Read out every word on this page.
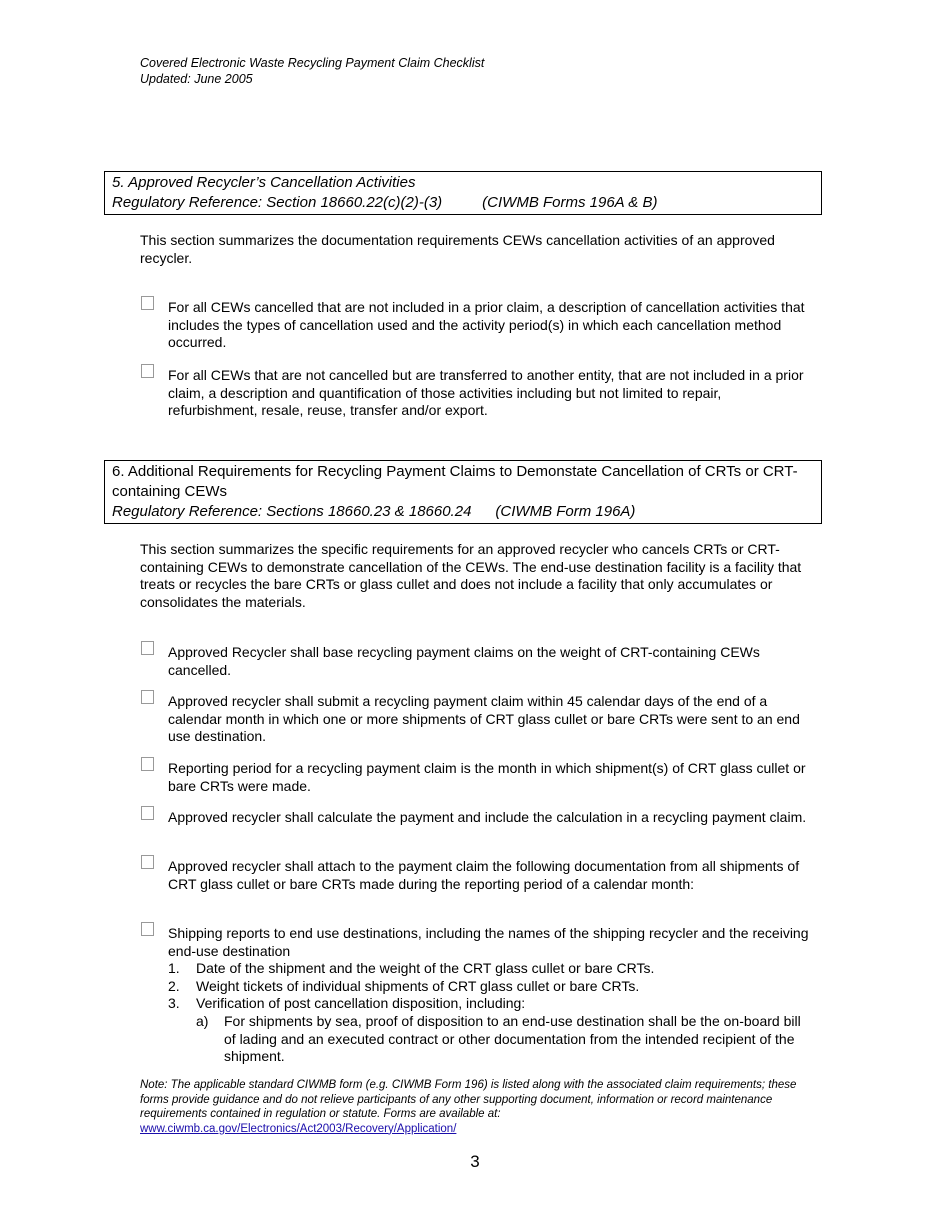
Covered Electronic Waste Recycling Payment Claim Checklist
Updated: June 2005
5. Approved Recycler’s Cancellation Activities
Regulatory Reference: Section 18660.22(c)(2)-(3)	(CIWMB Forms 196A & B)
This section summarizes the documentation requirements CEWs cancellation activities of an approved recycler.
For all CEWs cancelled that are not included in a prior claim, a description of cancellation activities that includes the types of cancellation used and the activity period(s) in which each cancellation method occurred.
For all CEWs that are not cancelled but are transferred to another entity, that are not included in a prior claim, a description and quantification of those activities including but not limited to repair, refurbishment, resale, reuse, transfer and/or export.
6. Additional Requirements for Recycling Payment Claims to Demonstate Cancellation of CRTs or CRT-containing CEWs
Regulatory Reference: Sections 18660.23 & 18660.24 (CIWMB Form 196A)
This section summarizes the specific requirements for an approved recycler who cancels CRTs or CRT-containing CEWs to demonstrate cancellation of the CEWs. The end-use destination facility is a facility that treats or recycles the bare CRTs or glass cullet and does not include a facility that only accumulates or consolidates the materials.
Approved Recycler shall base recycling payment claims on the weight of CRT-containing CEWs cancelled.
Approved recycler shall submit a recycling payment claim within 45 calendar days of the end of a calendar month in which one or more shipments of CRT glass cullet or bare CRTs were sent to an end use destination.
Reporting period for a recycling payment claim is the month in which shipment(s) of CRT glass cullet or bare CRTs were made.
Approved recycler shall calculate the payment and include the calculation in a recycling payment claim.
Approved recycler shall attach to the payment claim the following documentation from all shipments of CRT glass cullet or bare CRTs made during the reporting period of a calendar month:
Shipping reports to end use destinations, including the names of the shipping recycler and the receiving end-use destination
1. Date of the shipment and the weight of the CRT glass cullet or bare CRTs.
2. Weight tickets of individual shipments of CRT glass cullet or bare CRTs.
3. Verification of post cancellation disposition, including:
a) For shipments by sea, proof of disposition to an end-use destination shall be the on-board bill of lading and an executed contract or other documentation from the intended recipient of the shipment.
Note: The applicable standard CIWMB form (e.g. CIWMB Form 196) is listed along with the associated claim requirements; these forms provide guidance and do not relieve participants of any other supporting document, information or record maintenance requirements contained in regulation or statute. Forms are available at:
www.ciwmb.ca.gov/Electronics/Act2003/Recovery/Application/
3
